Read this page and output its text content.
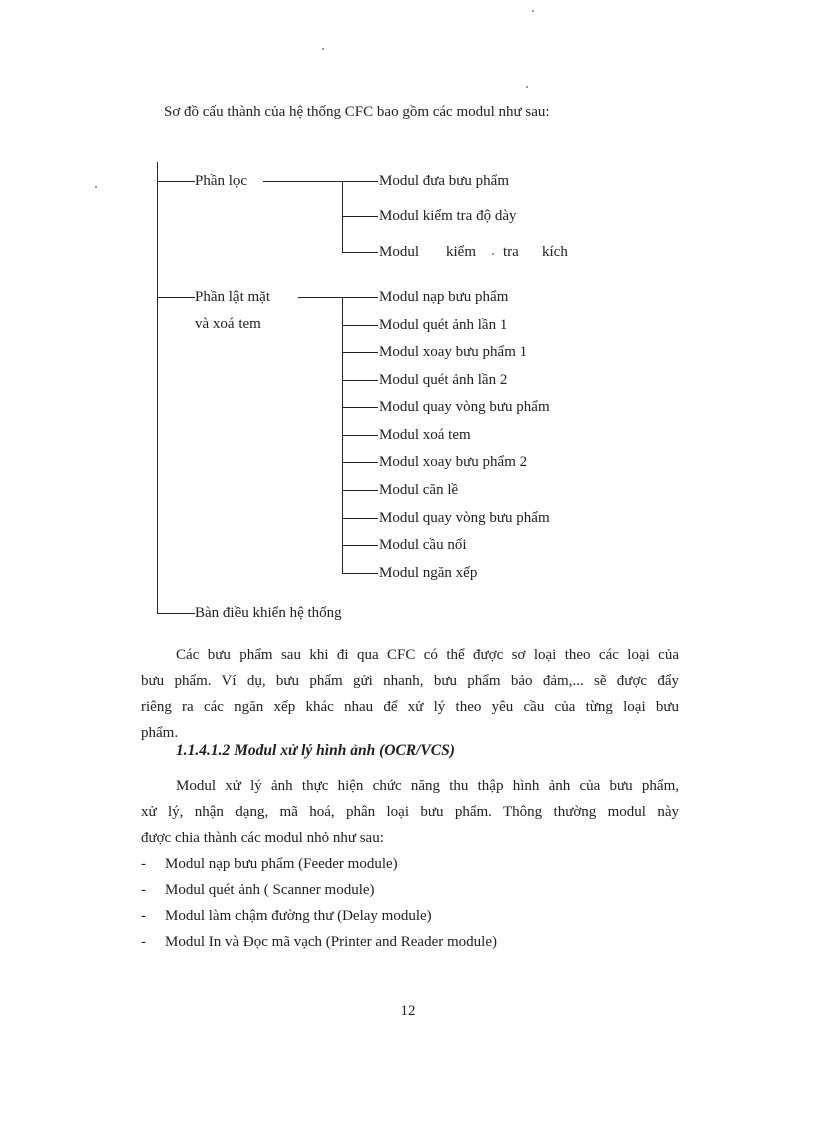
Sơ đồ cấu thành của hệ thống CFC bao gồm các modul như sau:
Phần lọc	Modul đưa bưu phẩm
Modul kiểm tra độ dày
Modul kiểm tra kích
Phần lật mặt
và xoá tem
Modul nạp bưu phẩm
Modul quét ảnh lần 1
Modul xoay bưu phẩm 1
Modul quét ảnh lần 2
Modul quay vòng bưu phẩm
Modul xoá tem
Modul xoay bưu phẩm 2
Modul căn lề
Modul quay vòng bưu phẩm
Modul cầu nối
Modul ngăn xếp
Bàn điều khiển hệ thống
Các bưu phẩm sau khi đi qua CFC có thể được sơ loại theo các loại của
bưu phẩm. Ví dụ, bưu phẩm gửi nhanh, bưu phẩm bảo đảm,... sẽ được đẩy
riêng ra các ngăn xếp khác nhau để xử lý theo yêu cầu của từng loại bưu
phẩm.
1.1.4.1.2 Modul xử lý hình ảnh (OCR/VCS)
Modul xử lý ảnh thực hiện chức năng thu thập hình ảnh của bưu phẩm,
xử lý, nhận dạng, mã hoá, phân loại bưu phẩm. Thông thường modul này
được chia thành các modul nhỏ như sau:
- Modul nạp bưu phẩm (Feeder module)
- Modul quét ảnh ( Scanner module)
- Modul làm chậm đường thư (Delay module)
- Modul In và Đọc mã vạch (Printer and Reader module)
12
